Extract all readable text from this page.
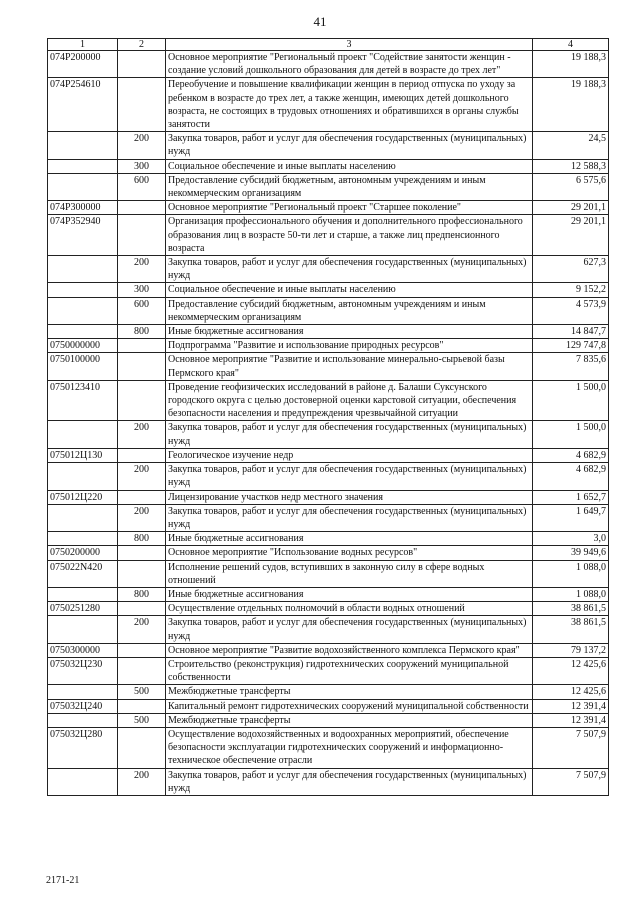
41
1	2	3	4
074P200000		Основное мероприятие "Региональный проект "Содействие занятости женщин - создание условий дошкольного образования для детей в возрасте до трех лет"	19 188,3
074P254610		Переобучение и повышение квалификации женщин в период отпуска по уходу за ребенком в возрасте до трех лет, а также женщин, имеющих детей дошкольного возраста, не состоящих в трудовых отношениях и обратившихся в органы службы занятости	19 188,3
	200	Закупка товаров, работ и услуг для обеспечения государственных (муниципальных) нужд	24,5
	300	Социальное обеспечение и иные выплаты населению	12 588,3
	600	Предоставление субсидий бюджетным, автономным учреждениям и иным некоммерческим организациям	6 575,6
074P300000		Основное мероприятие "Региональный проект "Старшее поколение"	29 201,1
074P352940		Организация профессионального обучения и дополнительного профессионального образования лиц в возрасте 50-ти лет и старше, а также лиц предпенсионного возраста	29 201,1
	200	Закупка товаров, работ и услуг для обеспечения государственных (муниципальных) нужд	627,3
	300	Социальное обеспечение и иные выплаты населению	9 152,2
	600	Предоставление субсидий бюджетным, автономным учреждениям и иным некоммерческим организациям	4 573,9
	800	Иные бюджетные ассигнования	14 847,7
0750000000		Подпрограмма "Развитие и использование природных ресурсов"	129 747,8
0750100000		Основное мероприятие "Развитие и использование минерально-сырьевой базы Пермского края"	7 835,6
0750123410		Проведение геофизических исследований в районе д. Балаши Суксунского городского округа с целью достоверной оценки карстовой ситуации, обеспечения безопасности населения и предупреждения чрезвычайной ситуации	1 500,0
	200	Закупка товаров, работ и услуг для обеспечения государственных (муниципальных) нужд	1 500,0
075012Ц130		Геологическое изучение недр	4 682,9
	200	Закупка товаров, работ и услуг для обеспечения государственных (муниципальных) нужд	4 682,9
075012Ц220		Лицензирование участков недр местного значения	1 652,7
	200	Закупка товаров, работ и услуг для обеспечения государственных (муниципальных) нужд	1 649,7
	800	Иные бюджетные ассигнования	3,0
0750200000		Основное мероприятие "Использование водных ресурсов"	39 949,6
075022N420		Исполнение решений судов, вступивших в законную силу в сфере водных отношений	1 088,0
	800	Иные бюджетные ассигнования	1 088,0
0750251280		Осуществление отдельных полномочий в области водных отношений	38 861,5
	200	Закупка товаров, работ и услуг для обеспечения государственных (муниципальных) нужд	38 861,5
0750300000		Основное мероприятие "Развитие водохозяйственного комплекса Пермского края"	79 137,2
075032Ц230		Строительство (реконструкция) гидротехнических сооружений муниципальной собственности	12 425,6
	500	Межбюджетные трансферты	12 425,6
075032Ц240		Капитальный ремонт гидротехнических сооружений муниципальной собственности	12 391,4
	500	Межбюджетные трансферты	12 391,4
075032Ц280		Осуществление водохозяйственных и водоохранных мероприятий, обеспечение безопасности эксплуатации гидротехнических сооружений и информационно-техническое обеспечение отрасли	7 507,9
	200	Закупка товаров, работ и услуг для обеспечения государственных (муниципальных) нужд	7 507,9
2171-21
